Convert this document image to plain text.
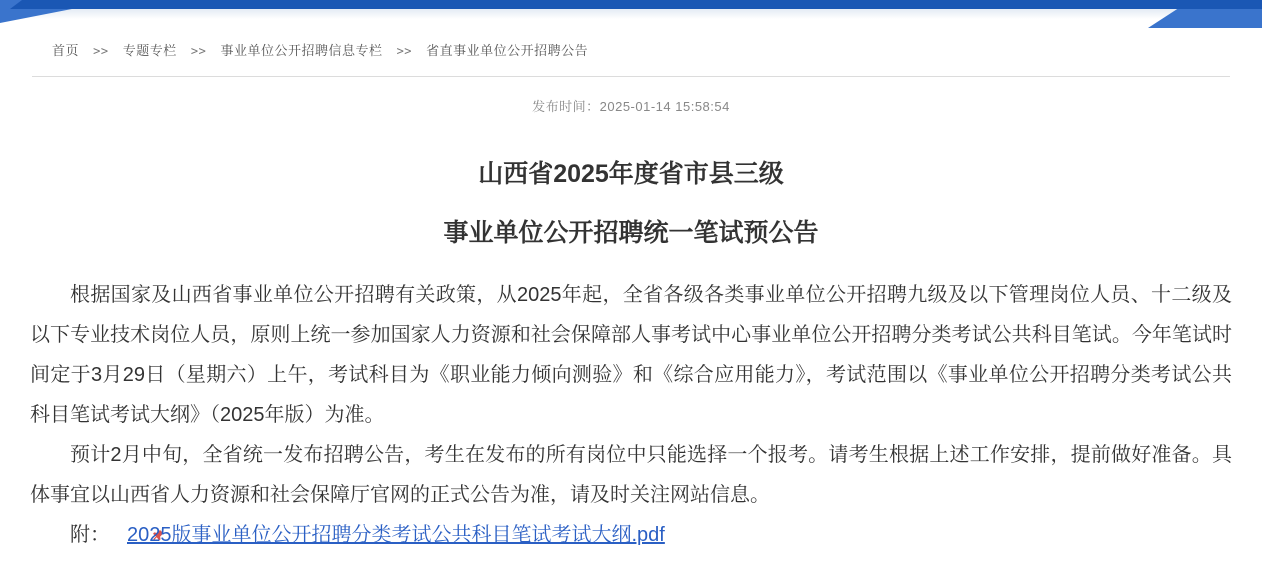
首页 >> 专题专栏 >> 事业单位公开招聘信息专栏 >> 省直事业单位公开招聘公告
发布时间：2025-01-14 15:58:54
山西省2025年度省市县三级
事业单位公开招聘统一笔试预公告

根据国家及山西省事业单位公开招聘有关政策，从2025年起，全省各级各类事业单位公开招聘九级及以下管理岗位人员、十二级及以下专业技术岗位人员，原则上统一参加国家人力资源和社会保障部人事考试中心事业单位公开招聘分类考试公共科目笔试。今年笔试时间定于3月29日（星期六）上午，考试科目为《职业能力倾向测验》和《综合应用能力》，考试范围以《事业单位公开招聘分类考试公共科目笔试考试大纲》（2025年版）为准。

预计2月中旬，全省统一发布招聘公告，考生在发布的所有岗位中只能选择一个报考。请考生根据上述工作安排，提前做好准备。具体事宜以山西省人力资源和社会保障厅官网的正式公告为准，请及时关注网站信息。

附： 2025版事业单位公开招聘分类考试公共科目笔试考试大纲.pdf
